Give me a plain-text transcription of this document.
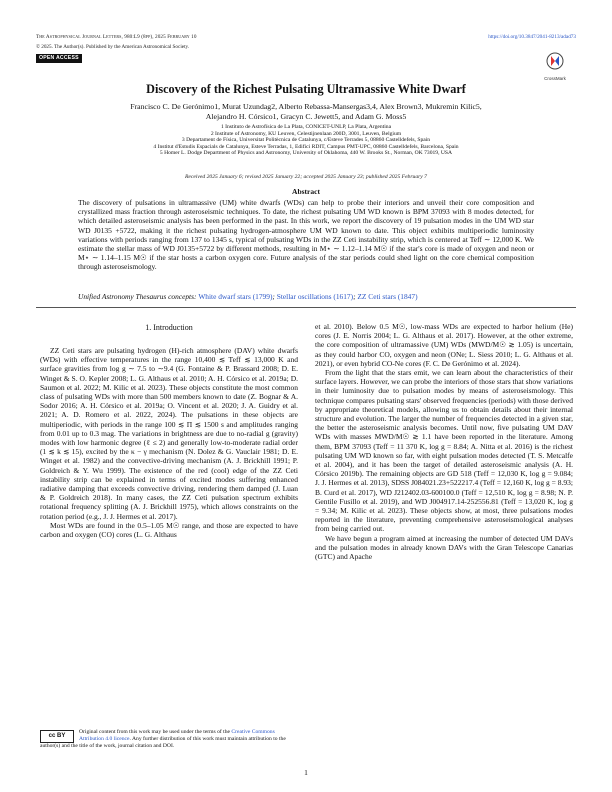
The Astrophysical Journal Letters, 980:L9 (8pp), 2025 February 10
© 2025. The Author(s). Published by the American Astronomical Society.
OPEN ACCESS
https://doi.org/10.3847/2041-8213/adad73
CrossMark
Discovery of the Richest Pulsating Ultramassive White Dwarf
Francisco C. De Gerónimo1, Murat Uzundag2, Alberto Rebassa-Mansergas3,4, Alex Brown3, Mukremin Kilic5,
Alejandro H. Córsico1, Gracyn C. Jewett5, and Adam G. Moss5
1 Instituto de Astrofísica de La Plata, CONICET-UNLP, La Plata, Argentina
2 Institute of Astronomy, KU Leuven, Celestijnenlaan 200D, 3001, Leuven, Belgium
3 Departament de Física, Universitat Politècnica de Catalunya, c/Esteve Terrades 5, 08860 Castelldefels, Spain
4 Institut d'Estudis Espacials de Catalunya, Esteve Terradas, 1, Edifici RDIT, Campus PMT-UPC, 08860 Castelldefels, Barcelona, Spain
5 Homer L. Dodge Department of Physics and Astronomy, University of Oklahoma, 440 W. Brooks St., Norman, OK 73019, USA
Received 2025 January 6; revised 2025 January 22; accepted 2025 January 23; published 2025 February 7
Abstract
The discovery of pulsations in ultramassive (UM) white dwarfs (WDs) can help to probe their interiors and unveil their core composition and crystallized mass fraction through asteroseismic techniques. To date, the richest pulsating UM WD known is BPM 37093 with 8 modes detected, for which detailed asteroseismic analysis has been performed in the past. In this work, we report the discovery of 19 pulsation modes in the UM WD star WD J0135 +5722, making it the richest pulsating hydrogen-atmosphere UM WD known to date. This object exhibits multiperiodic luminosity variations with periods ranging from 137 to 1345 s, typical of pulsating WDs in the ZZ Ceti instability strip, which is centered at Teff ∼ 12,000 K. We estimate the stellar mass of WD J0135+5722 by different methods, resulting in M⋆ ∼ 1.12–1.14 M☉ if the star's core is made of oxygen and neon or M⋆ ∼ 1.14–1.15 M☉ if the star hosts a carbon oxygen core. Future analysis of the star periods could shed light on the core chemical composition through asteroseismology.
Unified Astronomy Thesaurus concepts: White dwarf stars (1799); Stellar oscillations (1617); ZZ Ceti stars (1847)
1. Introduction

ZZ Ceti stars are pulsating hydrogen (H)-rich atmosphere (DAV) white dwarfs (WDs) with effective temperatures in the range 10,400 ≲ Teff ≲ 13,000 K and surface gravities from log g ∼ 7.5 to ∼9.4 (G. Fontaine & P. Brassard 2008; D. E. Winget & S. O. Kepler 2008; L. G. Althaus et al. 2010; A. H. Córsico et al. 2019a; D. Saumon et al. 2022; M. Kilic et al. 2023). These objects constitute the most common class of pulsating WDs with more than 500 members known to date (Z. Bognar & A. Sodor 2016; A. H. Córsico et al. 2019a; O. Vincent et al. 2020; J. A. Guidry et al. 2021; A. D. Romero et al. 2022, 2024). The pulsations in these objects are multiperiodic, with periods in the range 100 ≲ Π ≲ 1500 s and amplitudes ranging from 0.01 up to 0.3 mag. The variations in brightness are due to no-radial g (gravity) modes with low harmonic degree (ℓ ≤ 2) and generally low-to-moderate radial order (1 ≲ k ≲ 15), excited by the κ − γ mechanism (N. Dolez & G. Vauclair 1981; D. E. Winget et al. 1982) and the convective-driving mechanism (A. J. Brickhill 1991; P. Goldreich & Y. Wu 1999). The existence of the red (cool) edge of the ZZ Ceti instability strip can be explained in terms of excited modes suffering enhanced radiative damping that exceeds convective driving, rendering them damped (J. Luan & P. Goldreich 2018). In many cases, the ZZ Ceti pulsation spectrum exhibits rotational frequency splitting (A. J. Brickhill 1975), which allows constraints on the rotation period (e.g., J. J. Hermes et al. 2017).

Most WDs are found in the 0.5–1.05 M☉ range, and those are expected to have carbon and oxygen (CO) cores (L. G. Althaus

et al. 2010). Below 0.5 M☉, low-mass WDs are expected to harbor helium (He) cores (J. E. Norris 2004; L. G. Althaus et al. 2017). However, at the other extreme, the core composition of ultramassive (UM) WDs (MWD/M☉ ≳ 1.05) is uncertain, as they could harbor CO, oxygen and neon (ONe; L. Siess 2010; L. G. Althaus et al. 2021), or even hybrid CO-Ne cores (F. C. De Gerónimo et al. 2024).

From the light that the stars emit, we can learn about the characteristics of their surface layers. However, we can probe the interiors of those stars that show variations in their luminosity due to pulsation modes by means of asteroseismology. This technique compares pulsating stars' observed frequencies (periods) with those derived by appropriate theoretical models, allowing us to obtain details about their internal structure and evolution. The larger the number of frequencies detected in a given star, the better the asteroseismic analysis becomes. Until now, five pulsating UM DAV WDs with masses MWD/M☉ ≳ 1.1 have been reported in the literature. Among them, BPM 37093 (Teff = 11 370 K, log g = 8.84; A. Nitta et al. 2016) is the richest pulsating UM WD known so far, with eight pulsation modes detected (T. S. Metcalfe et al. 2004), and it has been the target of detailed asteroseismic analysis (A. H. Córsico 2019b). The remaining objects are GD 518 (Teff = 12,030 K, log g = 9.084; J. J. Hermes et al. 2013), SDSS J084021.23+522217.4 (Teff = 12,160 K, log g = 8.93; B. Curd et al. 2017), WD J212402.03-600100.0 (Teff = 12,510 K, log g = 8.98; N. P. Gentile Fusillo et al. 2019), and WD J004917.14-252556.81 (Teff = 13,020 K, log g = 9.34; M. Kilic et al. 2023). These objects show, at most, three pulsations modes reported in the literature, preventing comprehensive asteroseismological analyses from being carried out.

We have begun a program aimed at increasing the number of detected UM DAVs and the pulsation modes in already known DAVs with the Gran Telescope Canarias (GTC) and Apache

cc BY
Original content from this work may be used under the terms of the Creative Commons Attribution 4.0 licence. Any further distribution of this work must maintain attribution to the author(s) and the title of the work, journal citation and DOI.
1
